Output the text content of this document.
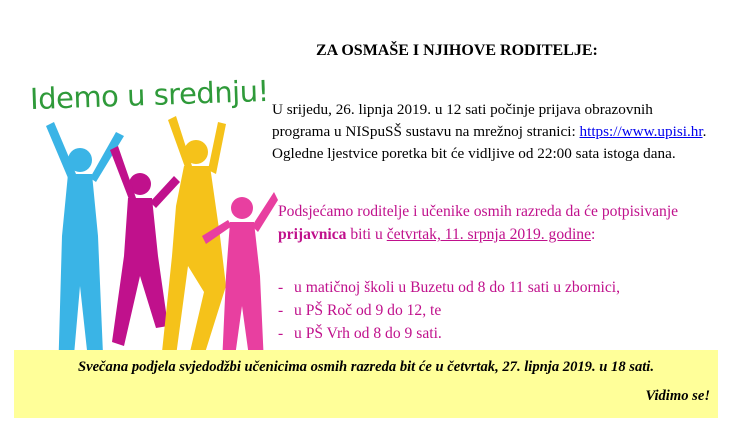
Idemo u srednju!
ZA OSMAŠE I NJIHOVE RODITELJE:

U srijedu, 26. lipnja 2019. u 12 sati počinje prijava obrazovnih programa u NISpuSŠ sustavu na mrežnoj stranici: https://www.upisi.hr. Ogledne ljestvice poretka bit će vidljive od 22:00 sata istoga dana.

Podsjećamo roditelje i učenike osmih razreda da će potpisivanje prijavnica biti u četvrtak, 11. srpnja 2019. godine:

- u matičnoj školi u Buzetu od 8 do 11 sati u zbornici,
- u PŠ Roč od 9 do 12, te
- u PŠ Vrh od 8 do 9 sati.

Svečana podjela svjedodžbi učenicima osmih razreda bit će u četvrtak, 27. lipnja 2019. u 18 sati.

Vidimo se!
